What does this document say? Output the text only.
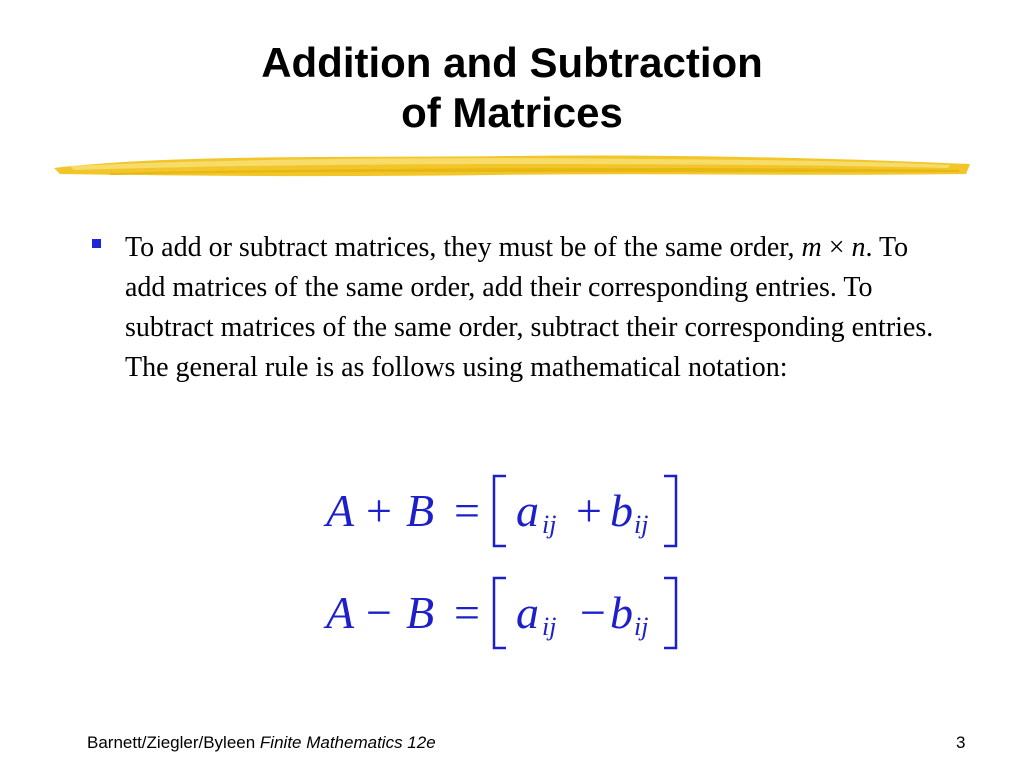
Addition and Subtraction
of Matrices
To add or subtract matrices, they must be of the same order, m × n. To add matrices of the same order, add their corresponding entries. To subtract matrices of the same order, subtract their corresponding entries. The general rule is as follows using mathematical notation:
A + B = a ij + b ij
A − B = a ij − b ij
Barnett/Ziegler/Byleen Finite Mathematics 12e	3
